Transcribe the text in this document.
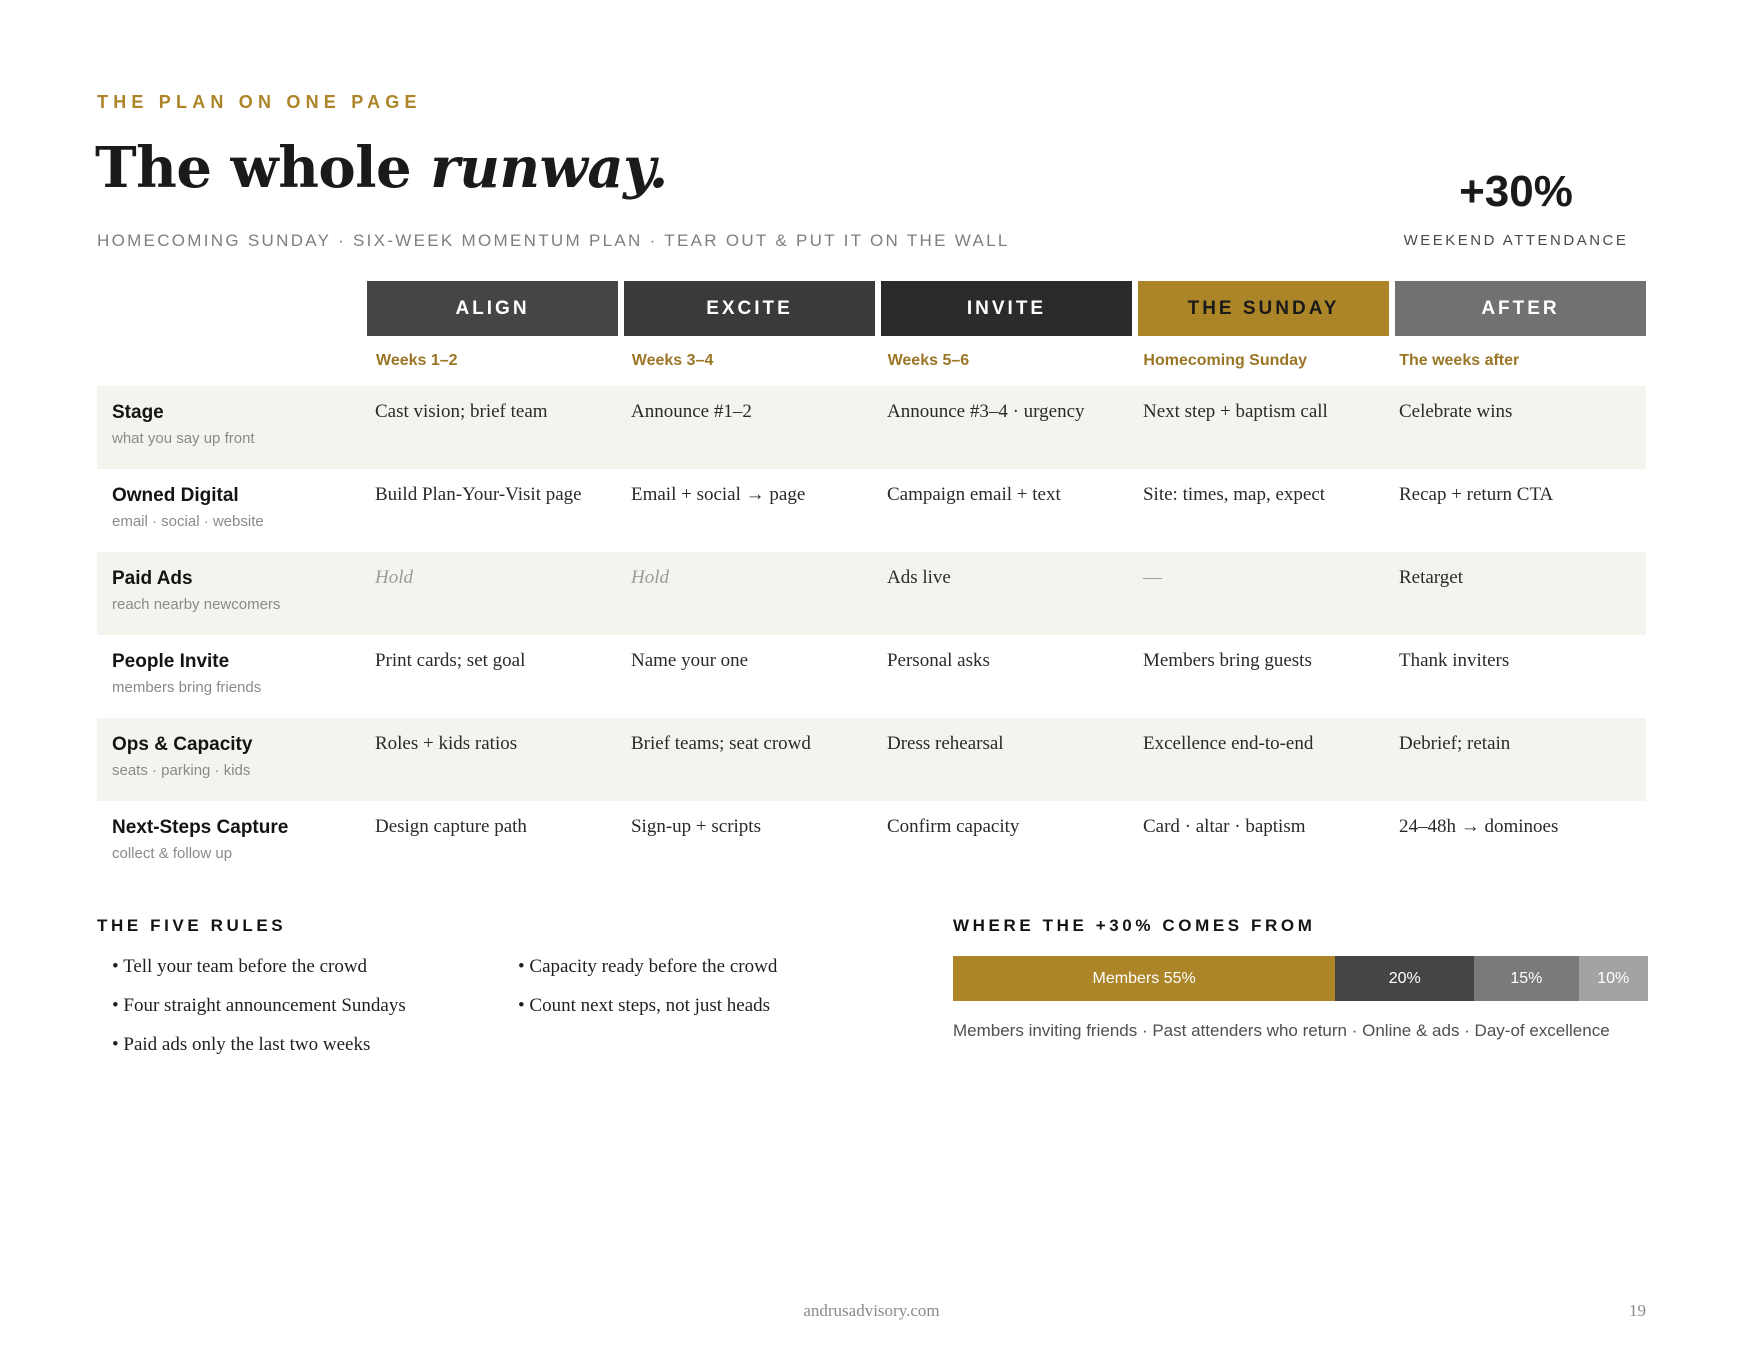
THE PLAN ON ONE PAGE
The whole runway.
HOMECOMING SUNDAY · SIX-WEEK MOMENTUM PLAN · TEAR OUT & PUT IT ON THE WALL
+30%
WEEKEND ATTENDANCE
ALIGN	EXCITE	INVITE	THE SUNDAY	AFTER
Weeks 1–2	Weeks 3–4	Weeks 5–6	Homecoming Sunday	The weeks after
Stage
what you say up front
Cast vision; brief team	Announce #1–2	Announce #3–4 · urgency	Next step + baptism call	Celebrate wins
Owned Digital
email · social · website
Build Plan-Your-Visit page	Email + social → page	Campaign email + text	Site: times, map, expect	Recap + return CTA
Paid Ads
reach nearby newcomers
Hold	Hold	Ads live	—	Retarget
People Invite
members bring friends
Print cards; set goal	Name your one	Personal asks	Members bring guests	Thank inviters
Ops & Capacity
seats · parking · kids
Roles + kids ratios	Brief teams; seat crowd	Dress rehearsal	Excellence end-to-end	Debrief; retain
Next-Steps Capture
collect & follow up
Design capture path	Sign-up + scripts	Confirm capacity	Card · altar · baptism	24–48h → dominoes
THE FIVE RULES
• Tell your team before the crowd
• Four straight announcement Sundays
• Paid ads only the last two weeks
• Capacity ready before the crowd
• Count next steps, not just heads
WHERE THE +30% COMES FROM
Members 55%	20%	15%	10%
Members inviting friends · Past attenders who return · Online & ads · Day-of excellence
andrusadvisory.com	19
